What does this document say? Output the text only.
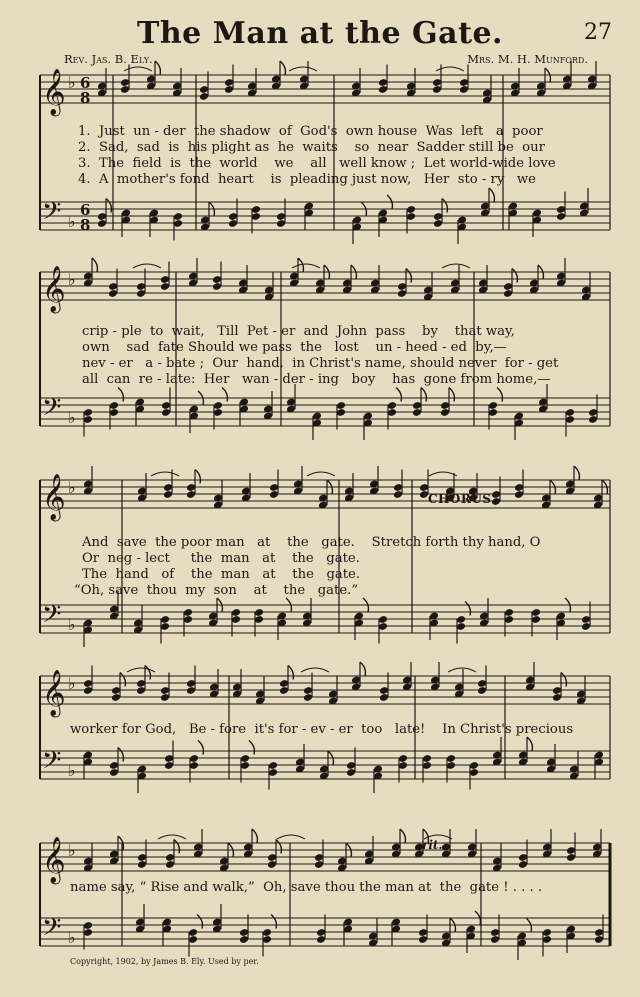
The Man at the Gate.	27
Rev. Jas. B. Ely.	Mrs. M. H. Munford.
𝄞 ♭ 6
8
𝄢 ♭
6
8
𝄞 ♭
𝄢 ♭
𝄞 ♭
𝄢 ♭
𝄞 ♭
𝄢 ♭
𝄞 ♭
𝄢 ♭

1.  Just  un - der  the shadow  of  God's  own house  Was  left   a  poor

2.  Sad,  sad  is  his plight as  he  waits    so  near  Sadder still be  our

3.  The  field  is  the  world    we    all   well know ;  Let world-wide love

4.  A  mother's fond  heart    is  pleading just now,   Her  sto - ry   we

crip - ple  to  wait,   Till  Pet - er  and  John  pass    by    that way,

own    sad  fate Should we pass  the   lost    un - heed - ed  by,—

nev - er   a - bate ;  Our  hand,  in Christ's name, should never  for - get

all  can  re - late:  Her   wan - der - ing   boy    has  gone from home,—

CHORUS.

And  save  the poor man   at    the   gate.    Stretch forth thy hand, O

Or  neg - lect     the  man   at    the   gate.

The  hand   of    the  man   at    the   gate.

“Oh, save  thou  my  son    at    the   gate.”

worker for God,   Be - fore  it's for - ev - er  too   late!    In Christ's precious

rit.

name say, “ Rise and walk,”  Oh, save thou the man at  the  gate ! . . . .

Copyright, 1902, by James B. Ely. Used by per.
